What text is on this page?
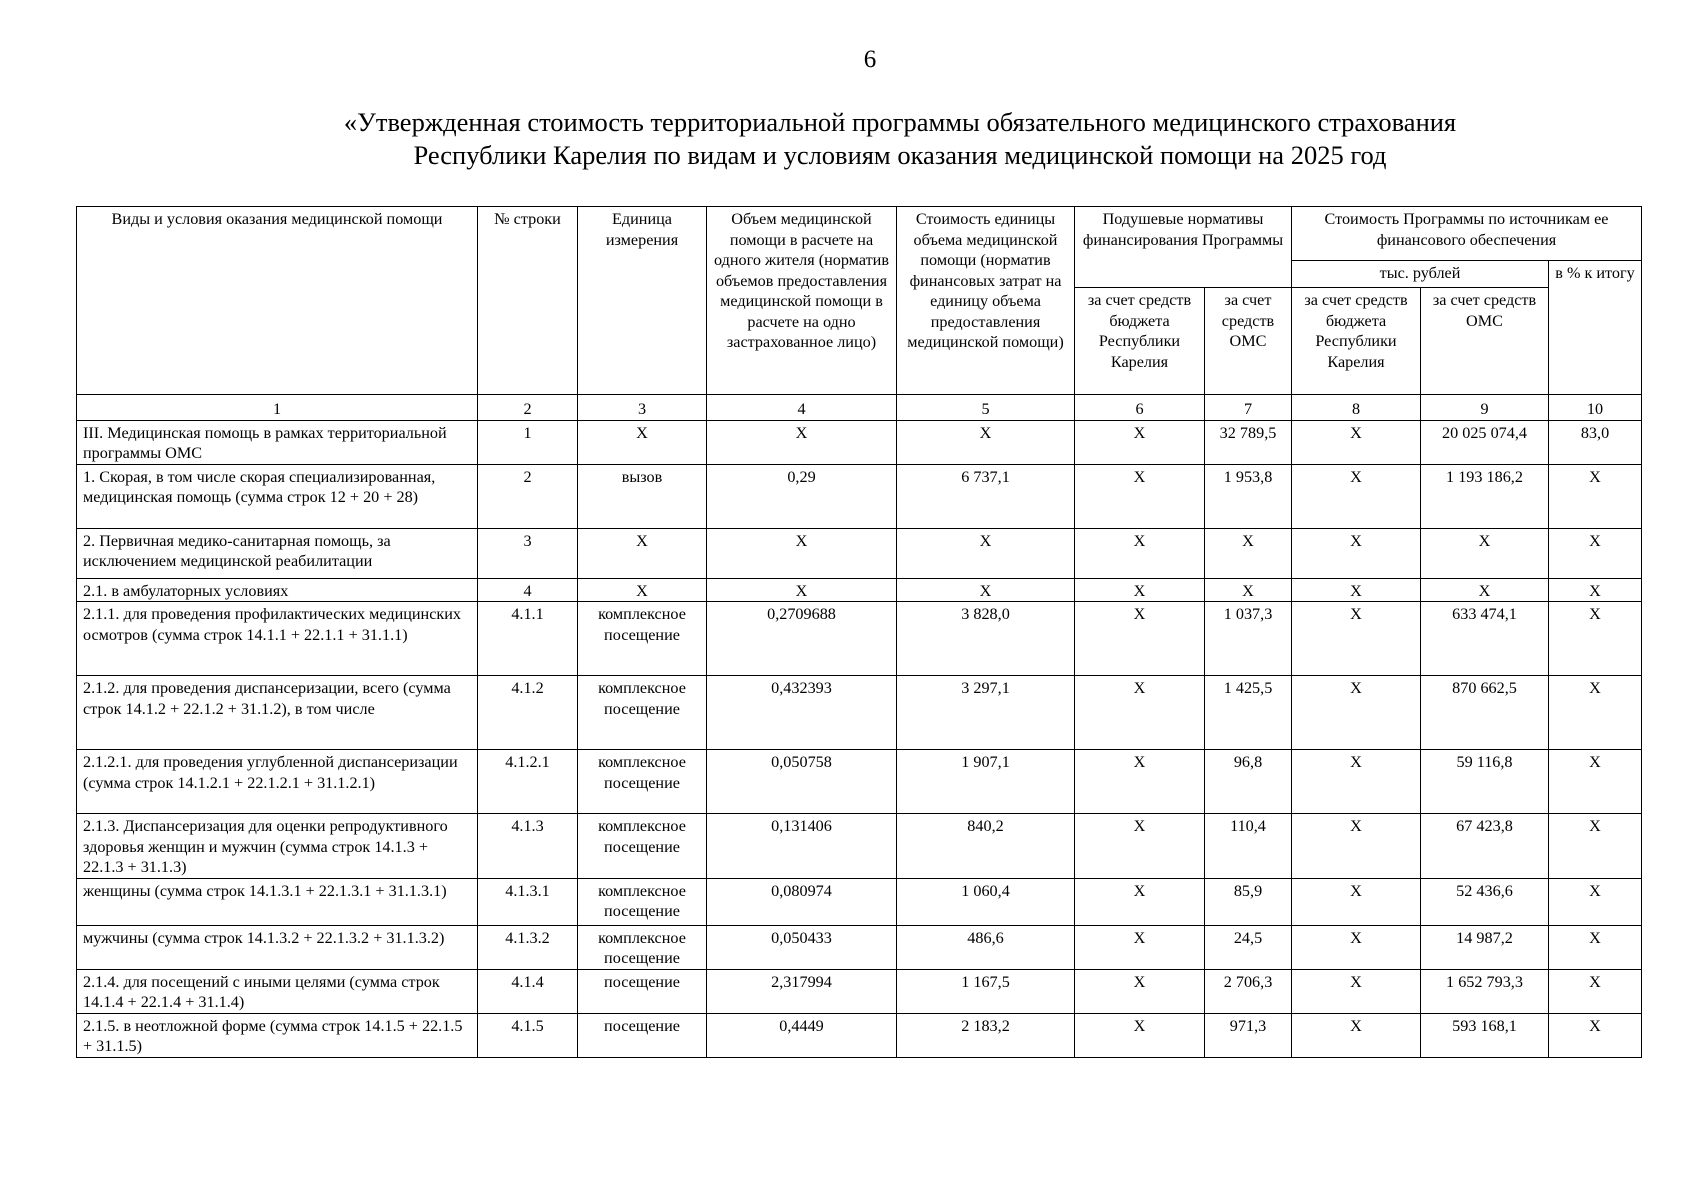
6
«Утвержденная стоимость территориальной программы обязательного медицинского страхования
Республики Карелия по видам и условиям оказания медицинской помощи на 2025 год
Виды и условия оказания медицинской помощи	№ строки	Единица измерения	Объем медицинской помощи в расчете на одного жителя (норматив объемов предоставления медицинской помощи в расчете на одно застрахованное лицо)	Стоимость единицы объема медицинской помощи (норматив финансовых затрат на единицу объема предоставления медицинской помощи)	Подушевые нормативы финансирования Программы		Стоимость Программы по источникам ее финансового обеспечения		
							тыс. рублей		в % к итогу
					за счет средств бюджета Республики Карелия	за счет средств ОМС	за счет средств бюджета Республики Карелия	за счет средств ОМС	
1	2	3	4	5	6	7	8	9	10
III. Медицинская помощь в рамках территориальной программы ОМС	1	X	X	X	X	32 789,5	X	20 025 074,4	83,0
1. Скорая, в том числе скорая специализированная, медицинская помощь (сумма строк 12 + 20 + 28)	2	вызов	0,29	6 737,1	X	1 953,8	X	1 193 186,2	X
2. Первичная медико-санитарная помощь, за исключением медицинской реабилитации	3	X	X	X	X	X	X	X	X
2.1. в амбулаторных условиях	4	X	X	X	X	X	X	X	X
2.1.1. для проведения профилактических медицинских осмотров (сумма строк 14.1.1 + 22.1.1 + 31.1.1)	4.1.1	комплексное посещение	0,2709688	3 828,0	X	1 037,3	X	633 474,1	X
2.1.2. для проведения диспансеризации, всего (сумма строк 14.1.2 + 22.1.2 + 31.1.2), в том числе	4.1.2	комплексное посещение	0,432393	3 297,1	X	1 425,5	X	870 662,5	X
2.1.2.1. для проведения углубленной диспансеризации (сумма строк 14.1.2.1 + 22.1.2.1 + 31.1.2.1)	4.1.2.1	комплексное посещение	0,050758	1 907,1	X	96,8	X	59 116,8	X
2.1.3. Диспансеризация для оценки репродуктивного здоровья женщин и мужчин (сумма строк 14.1.3 + 22.1.3 + 31.1.3)	4.1.3	комплексное посещение	0,131406	840,2	X	110,4	X	67 423,8	X
женщины (сумма строк 14.1.3.1 + 22.1.3.1 + 31.1.3.1)	4.1.3.1	комплексное посещение	0,080974	1 060,4	X	85,9	X	52 436,6	X
мужчины (сумма строк 14.1.3.2 + 22.1.3.2 + 31.1.3.2)	4.1.3.2	комплексное посещение	0,050433	486,6	X	24,5	X	14 987,2	X
2.1.4. для посещений с иными целями (сумма строк 14.1.4 + 22.1.4 + 31.1.4)	4.1.4	посещение	2,317994	1 167,5	X	2 706,3	X	1 652 793,3	X
2.1.5. в неотложной форме (сумма строк 14.1.5 + 22.1.5 + 31.1.5)	4.1.5	посещение	0,4449	2 183,2	X	971,3	X	593 168,1	X
